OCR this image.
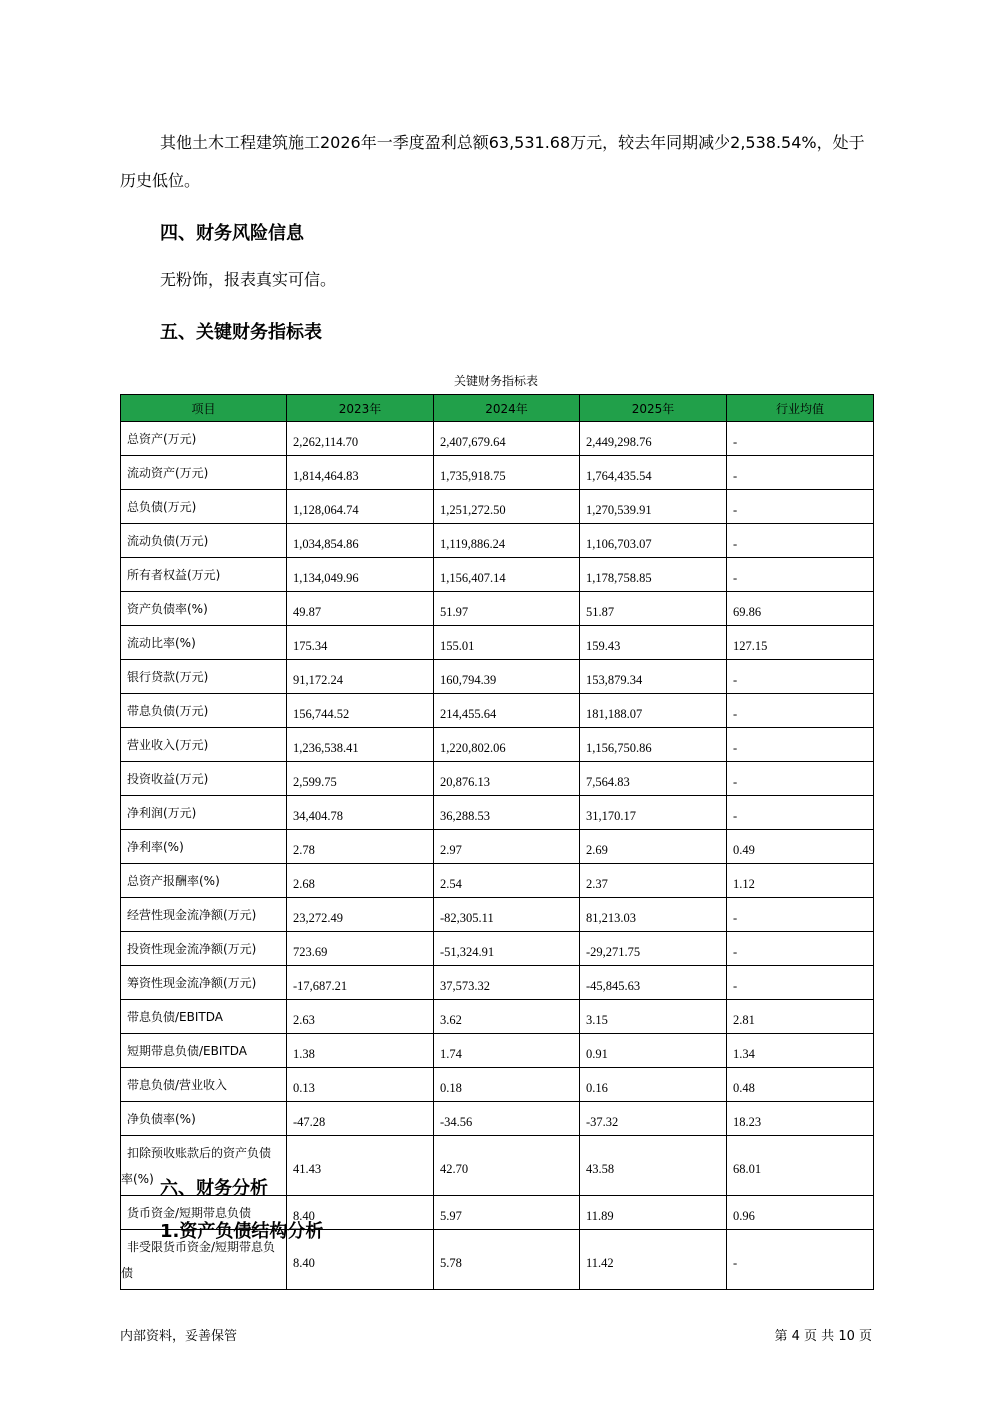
其他土木工程建筑施工2026年一季度盈利总额63,531.68万元，较去年同期减少2,538.54%，处于历史低位。

四、财务风险信息

无粉饰，报表真实可信。

五、关键财务指标表
关键财务指标表
项目	2023年	2024年	2025年	行业均值
总资产(万元)	2,262,114.70	2,407,679.64	2,449,298.76	-
流动资产(万元)	1,814,464.83	1,735,918.75	1,764,435.54	-
总负债(万元)	1,128,064.74	1,251,272.50	1,270,539.91	-
流动负债(万元)	1,034,854.86	1,119,886.24	1,106,703.07	-
所有者权益(万元)	1,134,049.96	1,156,407.14	1,178,758.85	-
资产负债率(%)	49.87	51.97	51.87	69.86
流动比率(%)	175.34	155.01	159.43	127.15
银行贷款(万元)	91,172.24	160,794.39	153,879.34	-
带息负债(万元)	156,744.52	214,455.64	181,188.07	-
营业收入(万元)	1,236,538.41	1,220,802.06	1,156,750.86	-
投资收益(万元)	2,599.75	20,876.13	7,564.83	-
净利润(万元)	34,404.78	36,288.53	31,170.17	-
净利率(%)	2.78	2.97	2.69	0.49
总资产报酬率(%)	2.68	2.54	2.37	1.12
经营性现金流净额(万元)	23,272.49	-82,305.11	81,213.03	-
投资性现金流净额(万元)	723.69	-51,324.91	-29,271.75	-
筹资性现金流净额(万元)	-17,687.21	37,573.32	-45,845.63	-
带息负债/EBITDA	2.63	3.62	3.15	2.81
短期带息负债/EBITDA	1.38	1.74	0.91	1.34
带息负债/营业收入	0.13	0.18	0.16	0.48
净负债率(%)	-47.28	-34.56	-37.32	18.23
扣除预收账款后的资产负债率(%)	41.43	42.70	43.58	68.01
货币资金/短期带息负债	8.40	5.97	11.89	0.96
非受限货币资金/短期带息负债	8.40	5.78	11.42	-
六、财务分析
1.资产负债结构分析
内部资料，妥善保管	第 4 页 共 10 页
